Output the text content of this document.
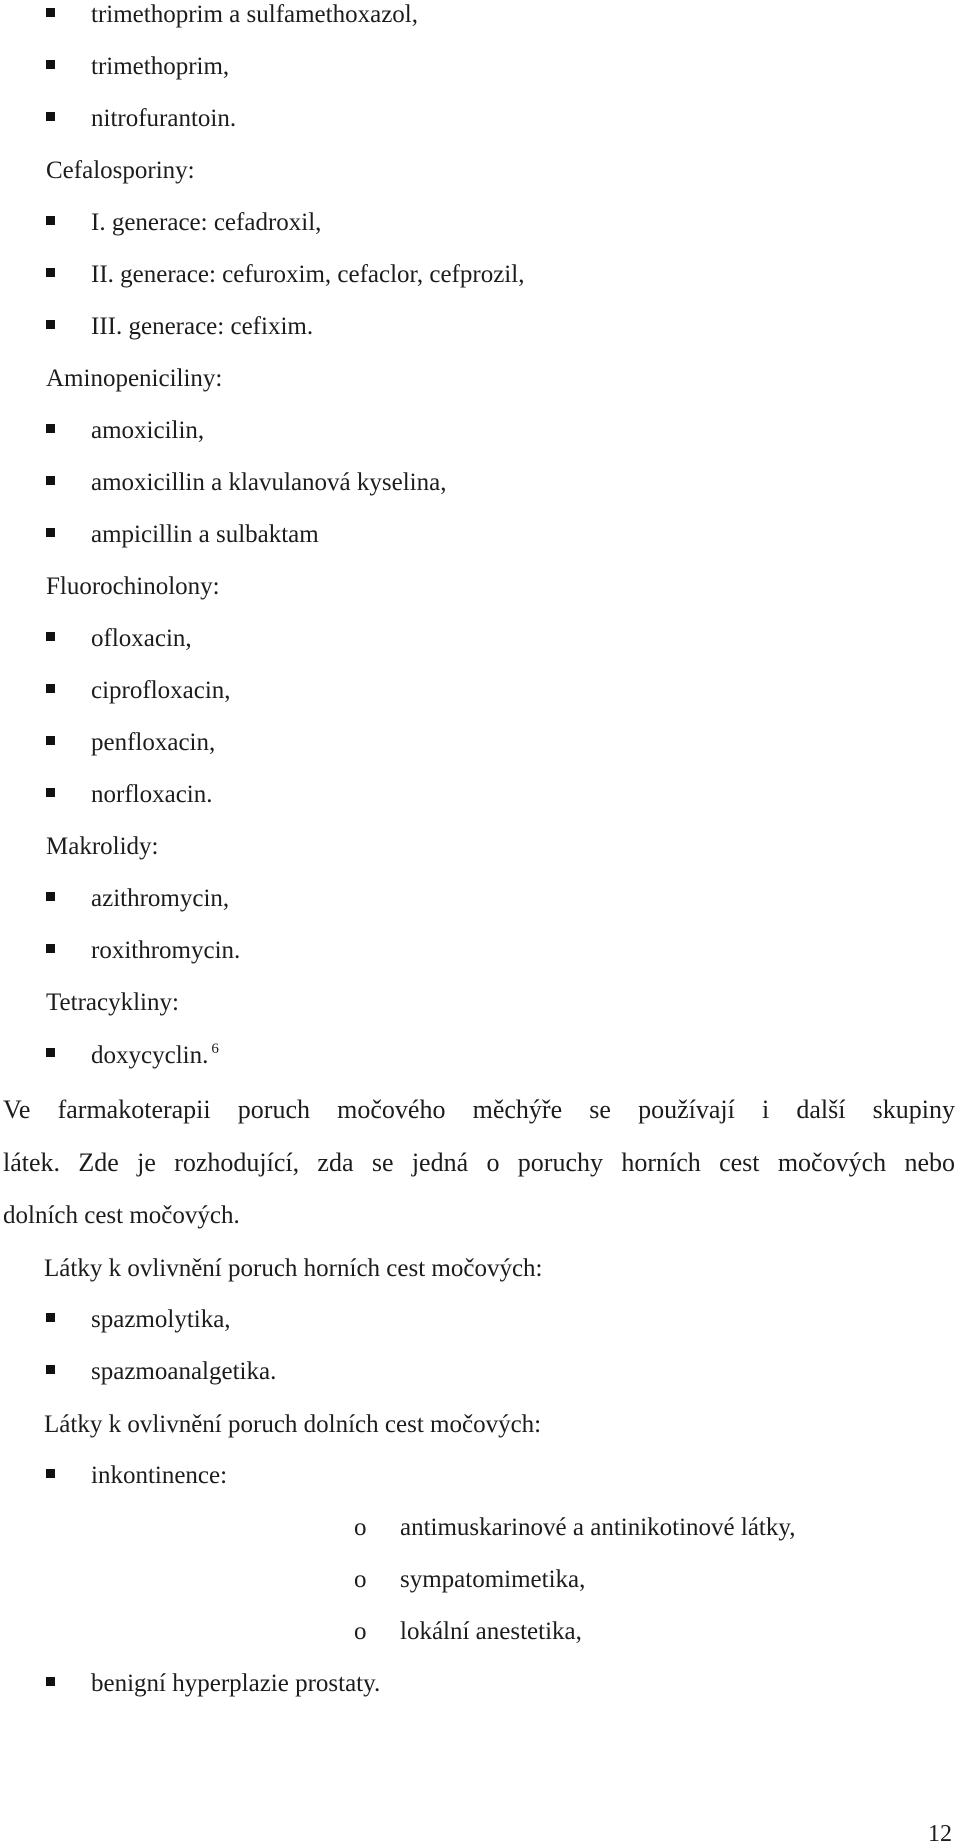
trimethoprim a sulfamethoxazol,
trimethoprim,
nitrofurantoin.
Cefalosporiny:
I. generace: cefadroxil,
II. generace: cefuroxim, cefaclor, cefprozil,
III. generace: cefixim.
Aminopeniciliny:
amoxicilin,
amoxicillin a klavulanová kyselina,
ampicillin a sulbaktam
Fluorochinolony:
ofloxacin,
ciprofloxacin,
penfloxacin,
norfloxacin.
Makrolidy:
azithromycin,
roxithromycin.
Tetracykliny:
doxycyclin. $^6$
Ve farmakoterapii poruch močového měchýře se používají i další skupiny
látek. Zde je rozhodující, zda se jedná o poruchy horních cest močových nebo
dolních cest močových.
Látky k ovlivnění poruch horních cest močových:
spazmolytika,
spazmoanalgetika.
Látky k ovlivnění poruch dolních cest močových:
inkontinence:
o antimuskarinové a antinikotinové látky,
o sympatomimetika,
o lokální anestetika,
benigní hyperplazie prostaty.
12
